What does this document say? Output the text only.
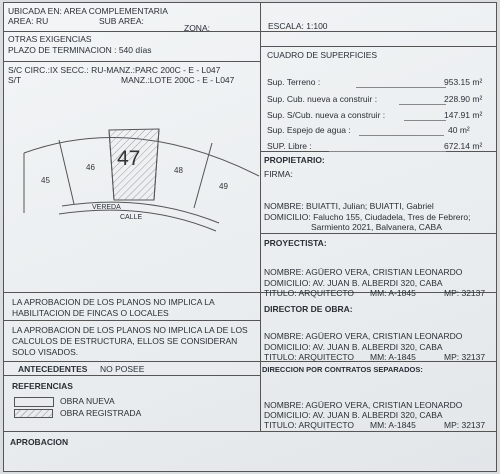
UBICADA EN: AREA COMPLEMENTARIA
AREA: RU	SUB AREA:
ZONA:	ESCALA: 1:100
OTRAS EXIGENCIAS
PLAZO DE TERMINACION : 540 días
S/C CIRC.:IX SECC.: RU-MANZ.:PARC 200C - E - L047
S/T	MANZ.:LOTE 200C - E - L047
45
46 47
48
49
VEREDA
CALLE
CUADRO DE SUPERFICIES
Sup. Terreno :	953.15 m²
Sup. Cub. nueva a construir :	228.90 m²
Sup. S/Cub. nueva a construir :	147.91 m²
Sup. Espejo de agua :	40 m²
SUP. Libre :	672.14 m²
PROPIETARIO:
FIRMA:
NOMBRE: BUIATTI, Julian; BUIATTI, Gabriel
DOMICILIO: Falucho 155, Ciudadela, Tres de Febrero;
Sarmiento 2021, Balvanera, CABA
PROYECTISTA:
NOMBRE: AGÜERO VERA, CRISTIAN LEONARDO
DOMICILIO: AV. JUAN B. ALBERDI 320, CABA
TITULO: ARQUITECTO MM: A-1845	MP: 32137
DIRECTOR DE OBRA:
NOMBRE: AGÜERO VERA, CRISTIAN LEONARDO
DOMICILIO: AV. JUAN B. ALBERDI 320, CABA
TITULO: ARQUITECTO MM: A-1845	MP: 32137
DIRECCION POR CONTRATOS SEPARADOS:
NOMBRE: AGÜERO VERA, CRISTIAN LEONARDO
DOMICILIO: AV. JUAN B. ALBERDI 320, CABA
TITULO: ARQUITECTO MM: A-1845	MP: 32137
LA APROBACION DE LOS PLANOS NO IMPLICA LA
HABILITACION DE FINCAS O LOCALES
LA APROBACION DE LOS PLANOS NO IMPLICA LA DE LOS
CALCULOS DE ESTRUCTURA, ELLOS SE CONSIDERAN
SOLO VISADOS.
ANTECEDENTES NO POSEE
REFERENCIAS
OBRA NUEVA
OBRA REGISTRADA
APROBACION
